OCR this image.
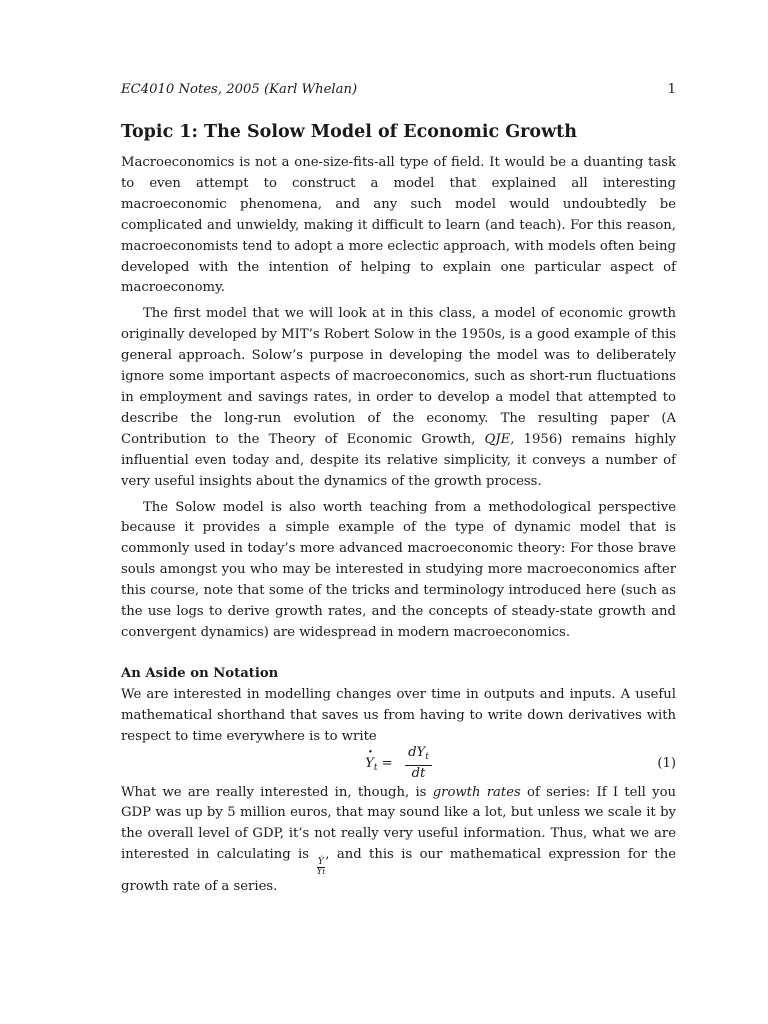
EC4010 Notes, 2005 (Karl Whelan)	1
Topic 1: The Solow Model of Economic Growth

Macroeconomics is not a one-size-fits-all type of field. It would be a duanting task to even attempt to construct a model that explained all interesting macroeconomic phenomena, and any such model would undoubtedly be complicated and unwieldy, making it difficult to learn (and teach). For this reason, macroeconomists tend to adopt a more eclectic approach, with models often being developed with the intention of helping to explain one particular aspect of macroeconomy.

The first model that we will look at in this class, a model of economic growth originally developed by MIT’s Robert Solow in the 1950s, is a good example of this general approach. Solow’s purpose in developing the model was to deliberately ignore some important aspects of macroeconomics, such as short-run fluctuations in employment and savings rates, in order to develop a model that attempted to describe the long-run evolution of the economy. The resulting paper (A Contribution to the Theory of Economic Growth, QJE, 1956) remains highly influential even today and, despite its relative simplicity, it conveys a number of very useful insights about the dynamics of the growth process.

The Solow model is also worth teaching from a methodological perspective because it provides a simple example of the type of dynamic model that is commonly used in today’s more advanced macroeconomic theory: For those brave souls amongst you who may be interested in studying more macroeconomics after this course, note that some of the tricks and terminology introduced here (such as the use logs to derive growth rates, and the concepts of steady-state growth and convergent dynamics) are widespread in modern macroeconomics.

An Aside on Notation

We are interested in modelling changes over time in outputs and inputs. A useful mathematical shorthand that saves us from having to write down derivatives with respect to time everywhere is to write

· $Y_t = \frac{dY_t}{dt}$	(1)

What we are really interested in, though, is growth rates of series: If I tell you GDP was up by 5 million euros, that may sound like a lot, but unless we scale it by the overall level of GDP, it’s not really very useful information. Thus, what we are interested in calculating is
$\frac{\text{Ẏ}}{Yt}$
, and this is our mathematical expression for the growth rate of a series.
